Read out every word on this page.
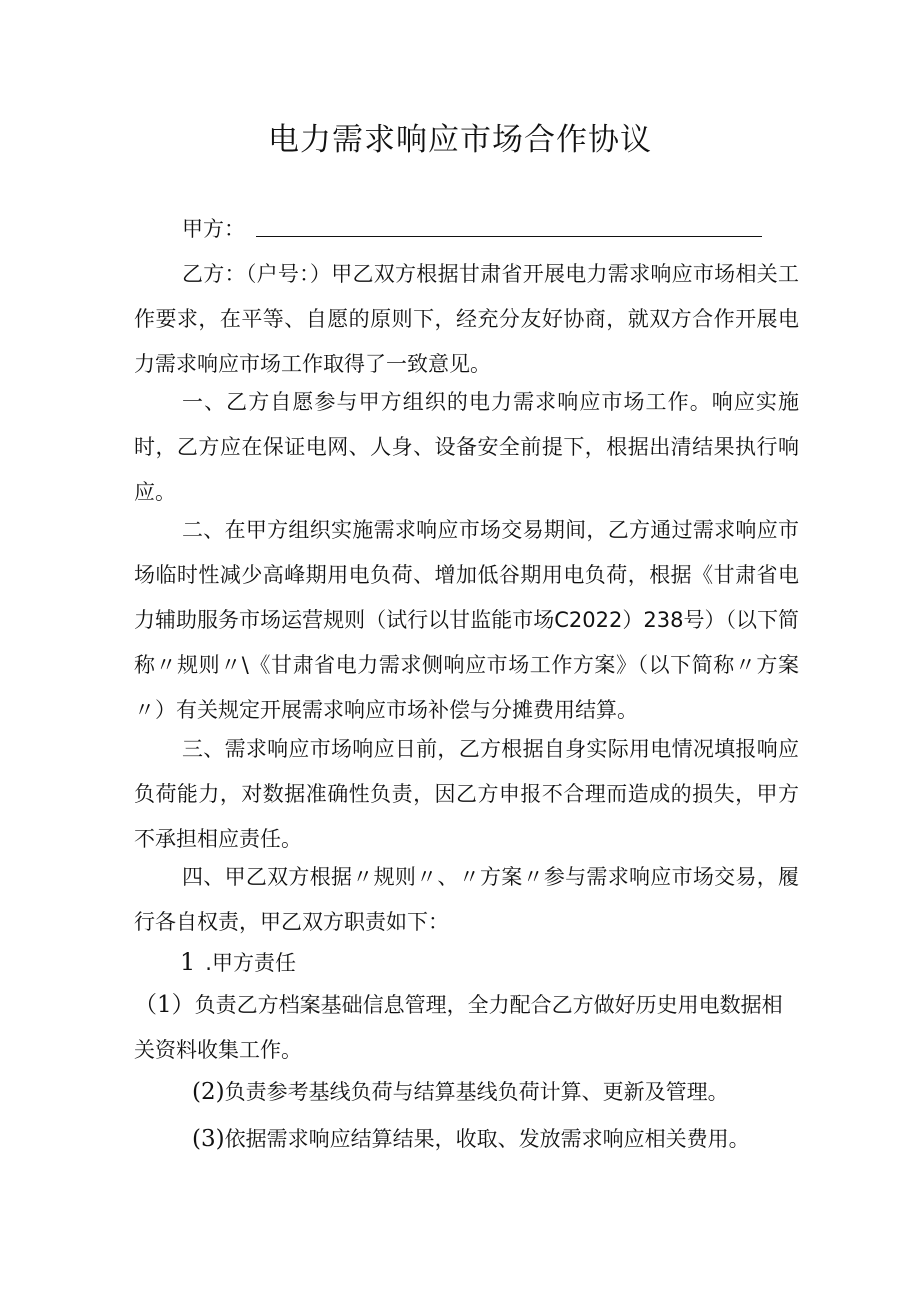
电力需求响应市场合作协议
甲方：

乙方：（户号：）甲乙双方根据甘肃省开展电力需求响应市场相关工作要求，在平等、自愿的原则下，经充分友好协商，就双方合作开展电力需求响应市场工作取得了一致意见。

一、乙方自愿参与甲方组织的电力需求响应市场工作。响应实施时，乙方应在保证电网、人身、设备安全前提下，根据出清结果执行响应。

二、在甲方组织实施需求响应市场交易期间，乙方通过需求响应市场临时性减少高峰期用电负荷、增加低谷期用电负荷，根据《甘肃省电力辅助服务市场运营规则（试行以甘监能市场C2022）238号）（以下简称〃规则〃\《甘肃省电力需求侧响应市场工作方案》（以下简称〃方案〃）有关规定开展需求响应市场补偿与分摊费用结算。

三、需求响应市场响应日前，乙方根据自身实际用电情况填报响应负荷能力，对数据准确性负责，因乙方申报不合理而造成的损失，甲方不承担相应责任。

四、甲乙双方根据〃规则〃、〃方案〃参与需求响应市场交易，履行各自权责，甲乙双方职责如下：

1 .甲方责任

（1）负责乙方档案基础信息管理，全力配合乙方做好历史用电数据相关资料收集工作。

(2)负责参考基线负荷与结算基线负荷计算、更新及管理。

(3)依据需求响应结算结果，收取、发放需求响应相关费用。
